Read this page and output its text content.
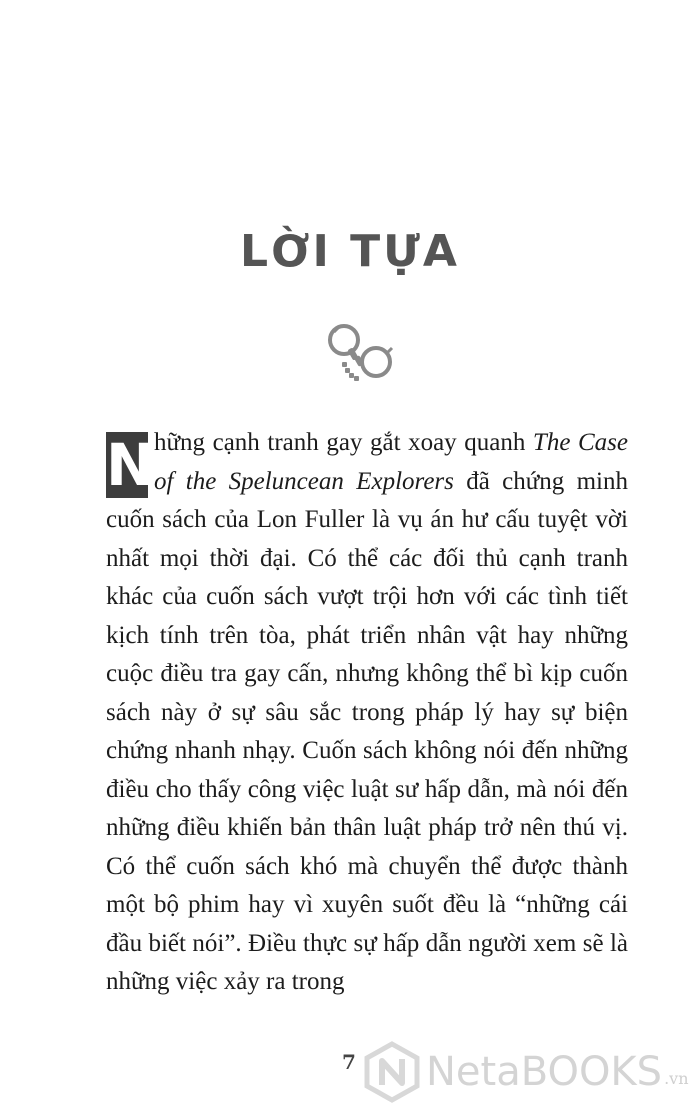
LỜI TỰA

N hững cạnh tranh gay gắt xoay quanh The Case of the Speluncean Explorers đã chứng minh cuốn sách của Lon Fuller là vụ án hư cấu tuyệt vời nhất mọi thời đại. Có thể các đối thủ cạnh tranh khác của cuốn sách vượt trội hơn với các tình tiết kịch tính trên tòa, phát triển nhân vật hay những cuộc điều tra gay cấn, nhưng không thể bì kịp cuốn sách này ở sự sâu sắc trong pháp lý hay sự biện chứng nhanh nhạy. Cuốn sách không nói đến những điều cho thấy công việc luật sư hấp dẫn, mà nói đến những điều khiến bản thân luật pháp trở nên thú vị. Có thể cuốn sách khó mà chuyển thể được thành một bộ phim hay vì xuyên suốt đều là “những cái đầu biết nói”. Điều thực sự hấp dẫn người xem sẽ là những việc xảy ra trong

7 NetaBOOKS .vn
